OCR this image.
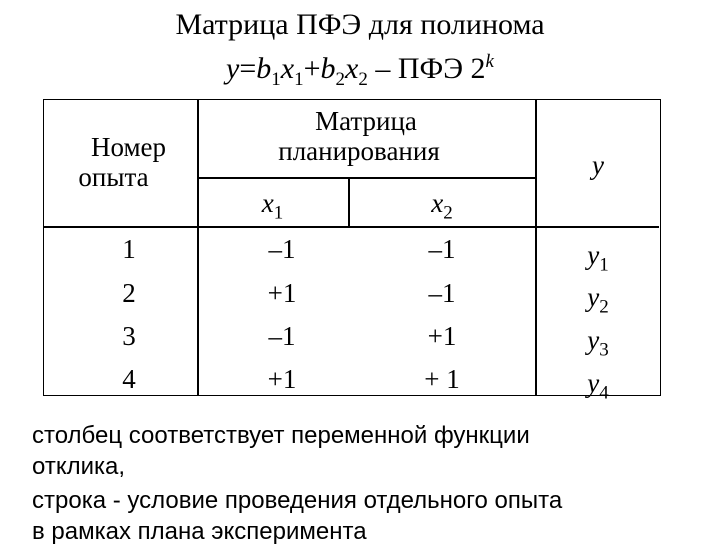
Матрица ПФЭ для полинома
$y=b_1x_1+b_2x_2$ – ПФЭ 2$^k$
Номер
опыта
Матрица
планирования
$x_1$	$x_2$
y
1	–1	–1	$y_1$
2	+1	–1	$y_2$
3	–1	+1	$y_3$
4	+1	+ 1	$y_4$
столбец соответствует переменной функции
отклика,
строка - условие проведения отдельного опыта
в рамках плана эксперимента
